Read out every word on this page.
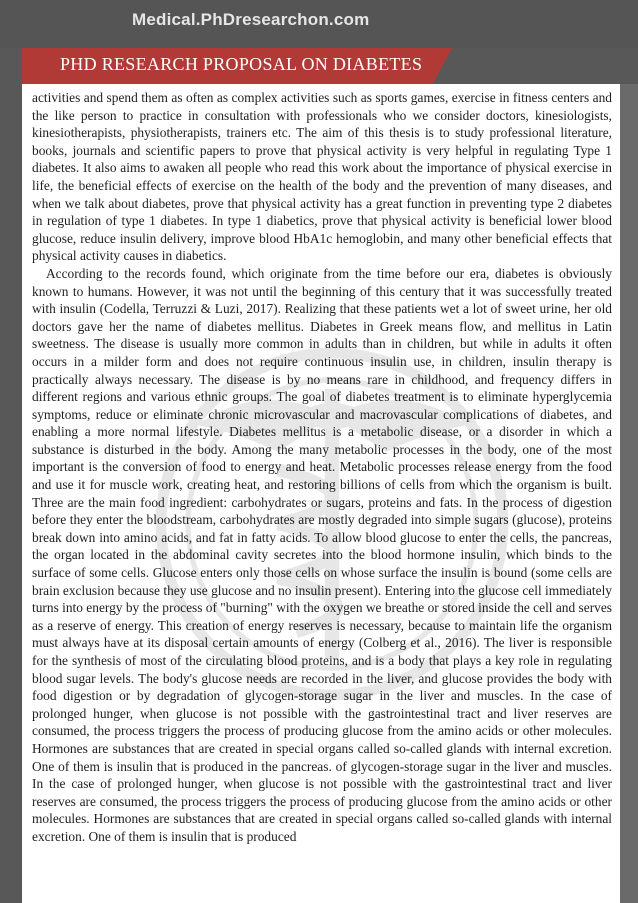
Medical.PhDresearchon.com
PHD RESEARCH PROPOSAL ON DIABETES

activities and spend them as often as complex activities such as sports games, exercise in fitness centers and the like person to practice in consultation with professionals who we consider doctors, kinesiologists, kinesiotherapists, physiotherapists, trainers etc. The aim of this thesis is to study professional literature, books, journals and scientific papers to prove that physical activity is very helpful in regulating Type 1 diabetes. It also aims to awaken all people who read this work about the importance of physical exercise in life, the beneficial effects of exercise on the health of the body and the prevention of many diseases, and when we talk about diabetes, prove that physical activity has a great function in preventing type 2 diabetes in regulation of type 1 diabetes. In type 1 diabetics, prove that physical activity is beneficial lower blood glucose, reduce insulin delivery, improve blood HbA1c hemoglobin, and many other beneficial effects that physical activity causes in diabetics.

According to the records found, which originate from the time before our era, diabetes is obviously known to humans. However, it was not until the beginning of this century that it was successfully treated with insulin (Codella, Terruzzi & Luzi, 2017). Realizing that these patients wet a lot of sweet urine, her old doctors gave her the name of diabetes mellitus. Diabetes in Greek means flow, and mellitus in Latin sweetness. The disease is usually more common in adults than in children, but while in adults it often occurs in a milder form and does not require continuous insulin use, in children, insulin therapy is practically always necessary. The disease is by no means rare in childhood, and frequency differs in different regions and various ethnic groups. The goal of diabetes treatment is to eliminate hyperglycemia symptoms, reduce or eliminate chronic microvascular and macrovascular complications of diabetes, and enabling a more normal lifestyle. Diabetes mellitus is a metabolic disease, or a disorder in which a substance is disturbed in the body. Among the many metabolic processes in the body, one of the most important is the conversion of food to energy and heat. Metabolic processes release energy from the food and use it for muscle work, creating heat, and restoring billions of cells from which the organism is built. Three are the main food ingredient: carbohydrates or sugars, proteins and fats. In the process of digestion before they enter the bloodstream, carbohydrates are mostly degraded into simple sugars (glucose), proteins break down into amino acids, and fat in fatty acids. To allow blood glucose to enter the cells, the pancreas, the organ located in the abdominal cavity secretes into the blood hormone insulin, which binds to the surface of some cells. Glucose enters only those cells on whose surface the insulin is bound (some cells are brain exclusion because they use glucose and no insulin present). Entering into the glucose cell immediately turns into energy by the process of "burning" with the oxygen we breathe or stored inside the cell and serves as a reserve of energy. This creation of energy reserves is necessary, because to maintain life the organism must always have at its disposal certain amounts of energy (Colberg et al., 2016). The liver is responsible for the synthesis of most of the circulating blood proteins, and is a body that plays a key role in regulating blood sugar levels. The body's glucose needs are recorded in the liver, and glucose provides the body with food digestion or by degradation of glycogen-storage sugar in the liver and muscles. In the case of prolonged hunger, when glucose is not possible with the gastrointestinal tract and liver reserves are consumed, the process triggers the process of producing glucose from the amino acids or other molecules. Hormones are substances that are created in special organs called so-called glands with internal excretion. One of them is insulin that is produced in the pancreas. of glycogen-storage sugar in the liver and muscles. In the case of prolonged hunger, when glucose is not possible with the gastrointestinal tract and liver reserves are consumed, the process triggers the process of producing glucose from the amino acids or other molecules. Hormones are substances that are created in special organs called so-called glands with internal excretion. One of them is insulin that is produced
